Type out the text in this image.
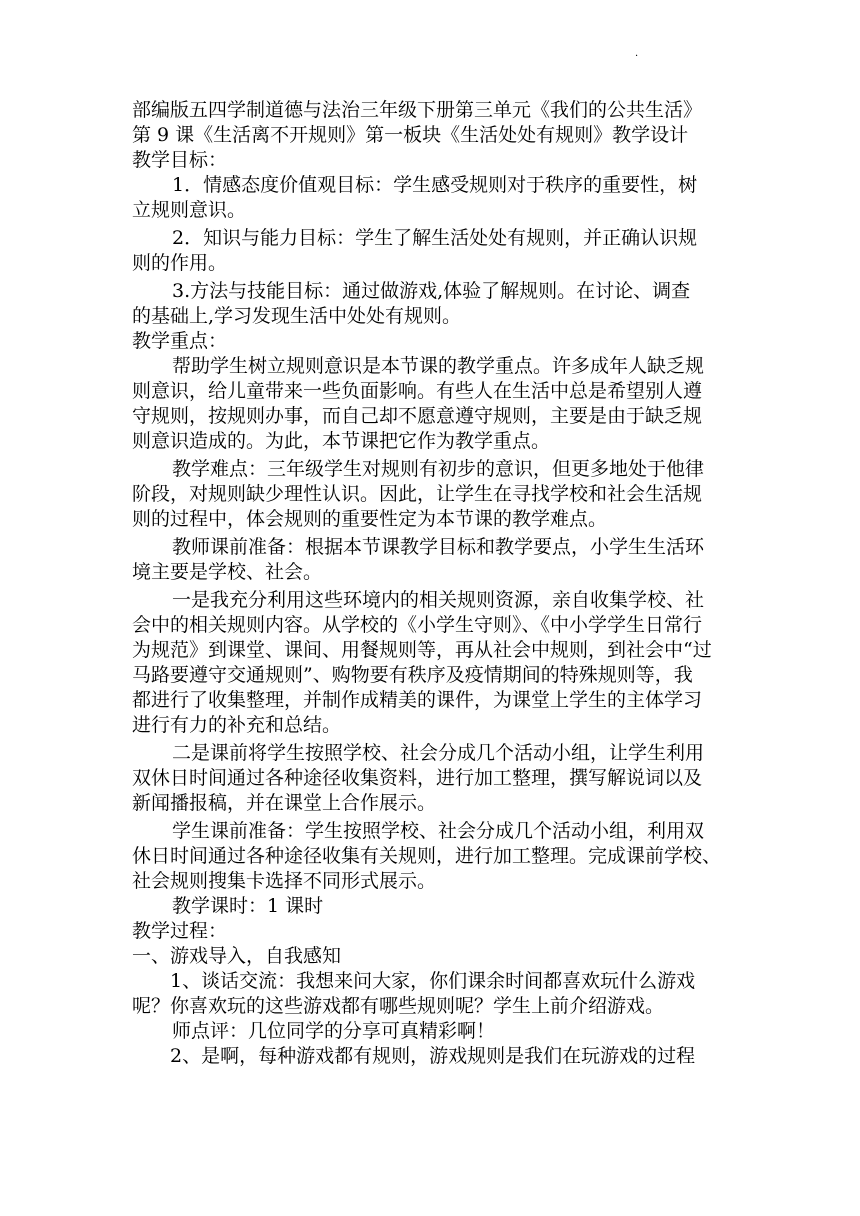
·
部编版五四学制道德与法治三年级下册第三单元《我们的公共生活》
第 9 课《生活离不开规则》第一板块《生活处处有规则》教学设计
教学目标：
1．情感态度价值观目标：学生感受规则对于秩序的重要性，树
立规则意识。
2．知识与能力目标：学生了解生活处处有规则，并正确认识规
则的作用。
3.方法与技能目标：通过做游戏,体验了解规则。在讨论、调查
的基础上,学习发现生活中处处有规则。
教学重点：
帮助学生树立规则意识是本节课的教学重点。许多成年人缺乏规
则意识，给儿童带来一些负面影响。有些人在生活中总是希望别人遵
守规则，按规则办事，而自己却不愿意遵守规则，主要是由于缺乏规
则意识造成的。为此，本节课把它作为教学重点。
教学难点：三年级学生对规则有初步的意识，但更多地处于他律
阶段，对规则缺少理性认识。因此，让学生在寻找学校和社会生活规
则的过程中，体会规则的重要性定为本节课的教学难点。
教师课前准备：根据本节课教学目标和教学要点，小学生生活环
境主要是学校、社会。
一是我充分利用这些环境内的相关规则资源，亲自收集学校、社
会中的相关规则内容。从学校的《小学生守则》、《中小学学生日常行
为规范》到课堂、课间、用餐规则等，再从社会中规则，到社会中“过
马路要遵守交通规则”、购物要有秩序及疫情期间的特殊规则等，我
都进行了收集整理，并制作成精美的课件，为课堂上学生的主体学习
进行有力的补充和总结。
二是课前将学生按照学校、社会分成几个活动小组，让学生利用
双休日时间通过各种途径收集资料，进行加工整理，撰写解说词以及
新闻播报稿，并在课堂上合作展示。
学生课前准备：学生按照学校、社会分成几个活动小组，利用双
休日时间通过各种途径收集有关规则，进行加工整理。完成课前学校、
社会规则搜集卡选择不同形式展示。
教学课时：1 课时
教学过程：
一、游戏导入，自我感知
1、谈话交流：我想来问大家，你们课余时间都喜欢玩什么游戏
呢？你喜欢玩的这些游戏都有哪些规则呢？学生上前介绍游戏。
师点评：几位同学的分享可真精彩啊！
2、是啊，每种游戏都有规则，游戏规则是我们在玩游戏的过程
